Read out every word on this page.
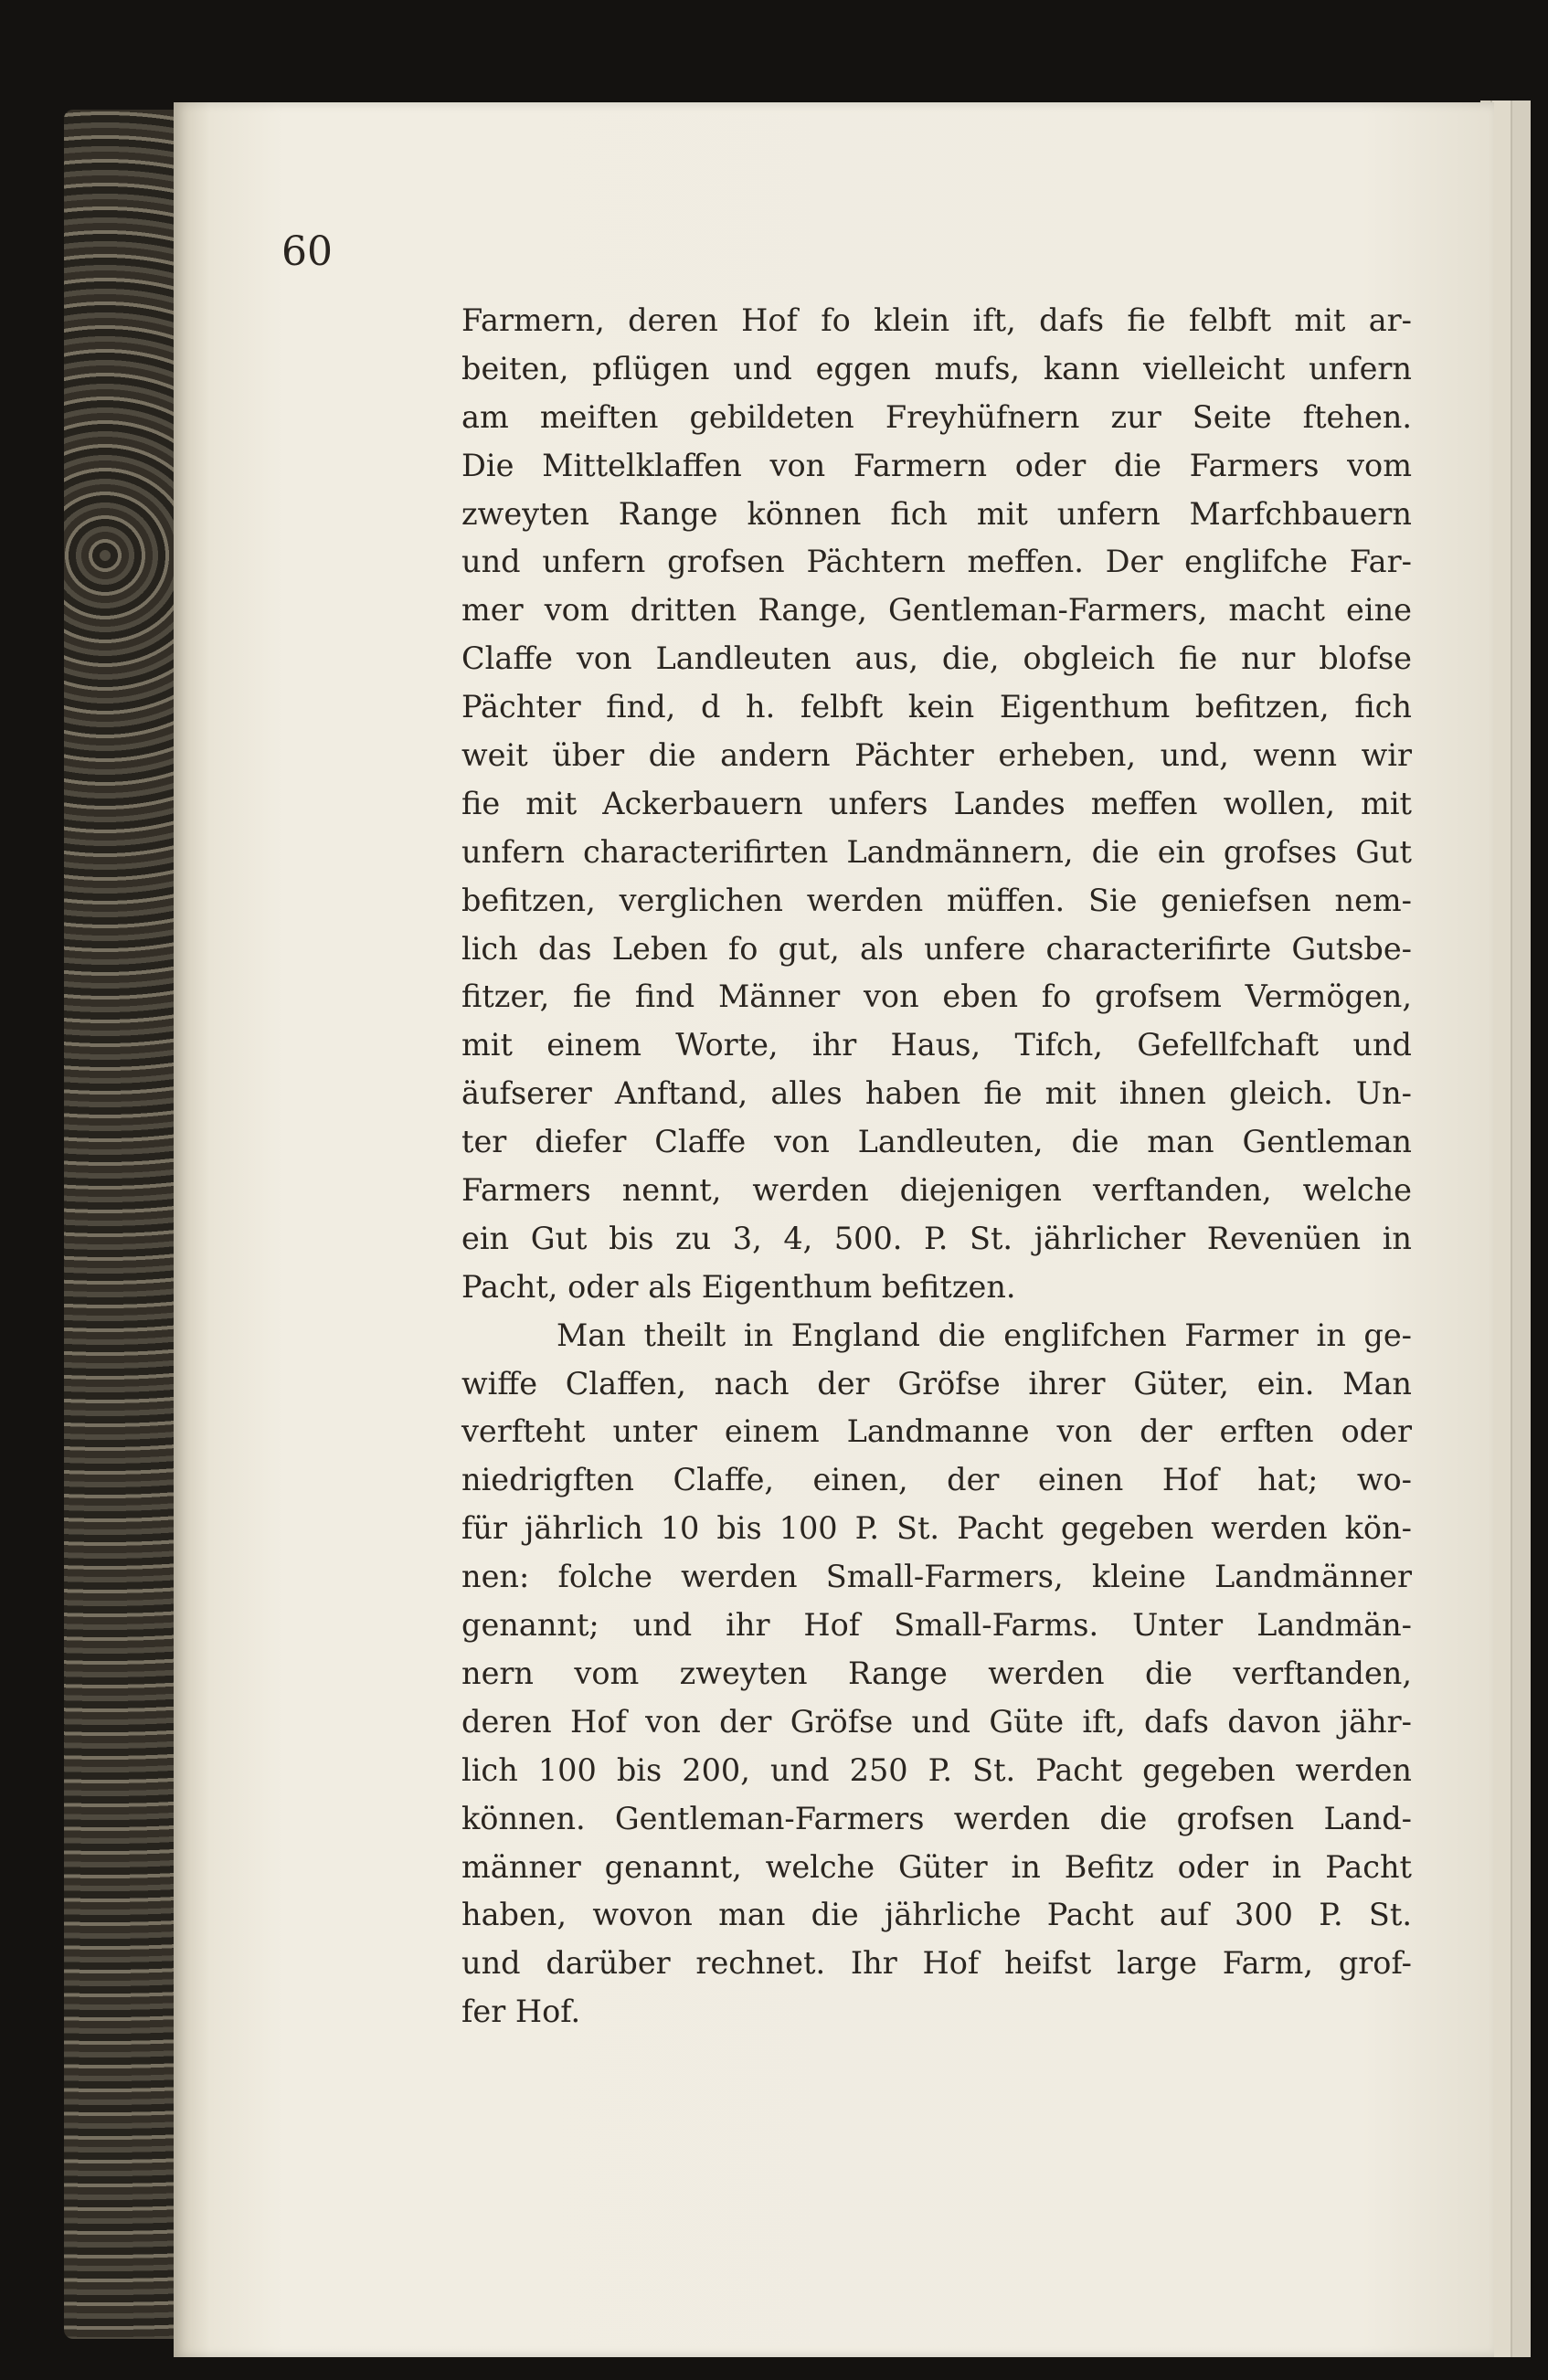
60
Farmern, deren Hof fo klein ift, dafs fie felbft mit ar-
beiten, pflügen und eggen mufs, kann vielleicht unfern
am meiften gebildeten Freyhüfnern zur Seite ftehen.
Die Mittelklaffen von Farmern oder die Farmers vom
zweyten Range können fich mit unfern Marfchbauern
und unfern grofsen Pächtern meffen. Der englifche Far-
mer vom dritten Range, Gentleman-Farmers, macht eine
Claffe von Landleuten aus, die, obgleich fie nur blofse
Pächter find, d h. felbft kein Eigenthum befitzen, fich
weit über die andern Pächter erheben, und, wenn wir
fie mit Ackerbauern unfers Landes meffen wollen, mit
unfern characterifirten Landmännern, die ein grofses Gut
befitzen, verglichen werden müffen. Sie geniefsen nem-
lich das Leben fo gut, als unfere characterifirte Gutsbe-
fitzer, fie find Männer von eben fo grofsem Vermögen,
mit einem Worte, ihr Haus, Tifch, Gefellfchaft und
äufserer Anftand, alles haben fie mit ihnen gleich. Un-
ter diefer Claffe von Landleuten, die man Gentleman
Farmers nennt, werden diejenigen verftanden, welche
ein Gut bis zu 3, 4, 500. P. St. jährlicher Revenüen in
Pacht, oder als Eigenthum befitzen.
Man theilt in England die englifchen Farmer in ge-
wiffe Claffen, nach der Gröfse ihrer Güter, ein. Man
verfteht unter einem Landmanne von der erften oder
niedrigften Claffe, einen, der einen Hof hat; wo-
für jährlich 10 bis 100 P. St. Pacht gegeben werden kön-
nen: folche werden Small-Farmers, kleine Landmänner
genannt; und ihr Hof Small-Farms. Unter Landmän-
nern vom zweyten Range werden die verftanden,
deren Hof von der Gröfse und Güte ift, dafs davon jähr-
lich 100 bis 200, und 250 P. St. Pacht gegeben werden
können. Gentleman-Farmers werden die grofsen Land-
männer genannt, welche Güter in Befitz oder in Pacht
haben, wovon man die jährliche Pacht auf 300 P. St.
und darüber rechnet. Ihr Hof heifst large Farm, grof-
fer Hof.
